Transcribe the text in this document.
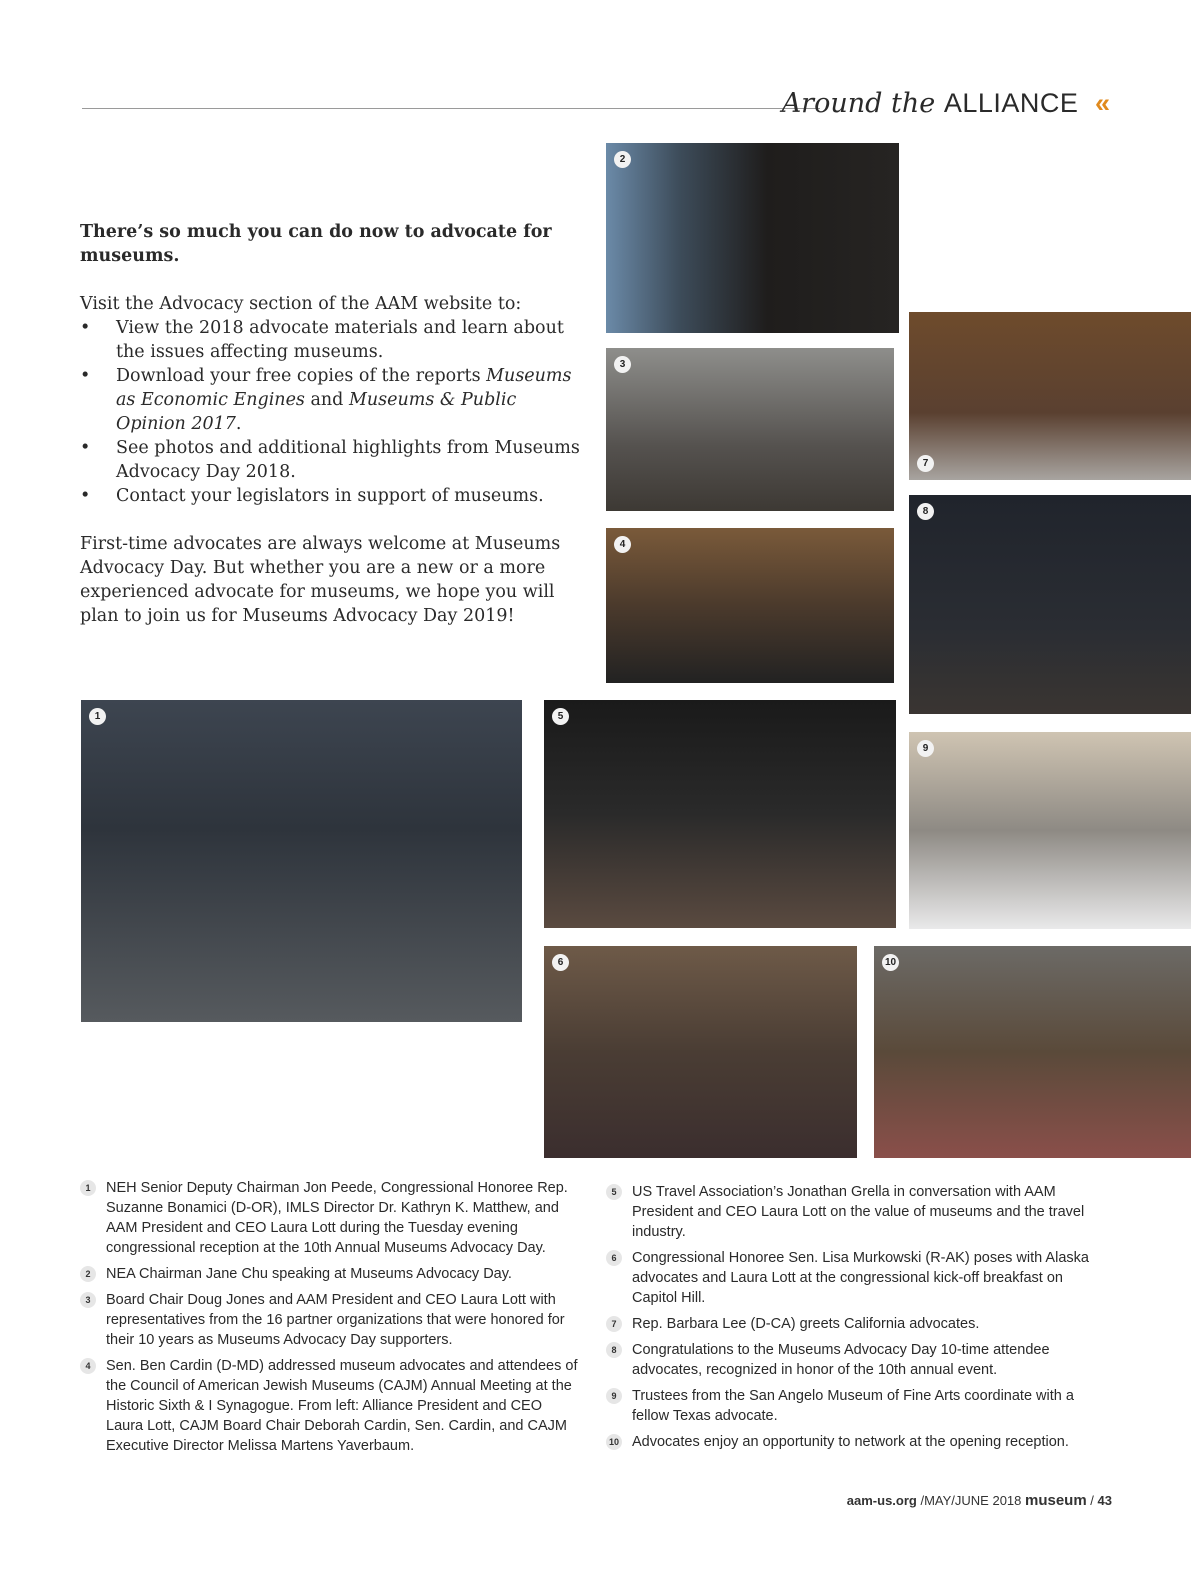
Around the ALLIANCE «

There’s so much you can do now to advocate for museums.

Visit the Advocacy section of the AAM website to:

• View the 2018 advocate materials and learn about the issues affecting museums.
• Download your free copies of the reports Museums as Economic Engines and Museums & Public Opinion 2017.
• See photos and additional highlights from Museums Advocacy Day 2018.
• Contact your legislators in support of museums.

First-time advocates are always welcome at Museums Advocacy Day. But whether you are a new or a more experienced advocate for museums, we hope you will plan to join us for Museums Advocacy Day 2019!

1
2
3
4
5
6
7
8
9
10
1	NEH Senior Deputy Chairman Jon Peede, Congressional Honoree Rep. Suzanne Bonamici (D-OR), IMLS Director Dr. Kathryn K. Matthew, and AAM President and CEO Laura Lott during the Tuesday evening congressional reception at the 10th Annual Museums Advocacy Day.
2	NEA Chairman Jane Chu speaking at Museums Advocacy Day.
3	Board Chair Doug Jones and AAM President and CEO Laura Lott with representatives from the 16 partner organizations that were honored for their 10 years as Museums Advocacy Day supporters.
4	Sen. Ben Cardin (D-MD) addressed museum advocates and attendees of the Council of American Jewish Museums (CAJM) Annual Meeting at the Historic Sixth & I Synagogue. From left: Alliance President and CEO Laura Lott, CAJM Board Chair Deborah Cardin, Sen. Cardin, and CAJM Executive Director Melissa Martens Yaverbaum.
5	US Travel Association’s Jonathan Grella in conversation with AAM President and CEO Laura Lott on the value of museums and the travel industry.
6	Congressional Honoree Sen. Lisa Murkowski (R-AK) poses with Alaska advocates and Laura Lott at the congressional kick-off breakfast on Capitol Hill.
7	Rep. Barbara Lee (D-CA) greets California advocates.
8	Congratulations to the Museums Advocacy Day 10-time attendee advocates, recognized in honor of the 10th annual event.
9	Trustees from the San Angelo Museum of Fine Arts coordinate with a fellow Texas advocate.
10 Advocates enjoy an opportunity to network at the opening reception.
aam-us.org /MAY/JUNE 2018 museum / 43
